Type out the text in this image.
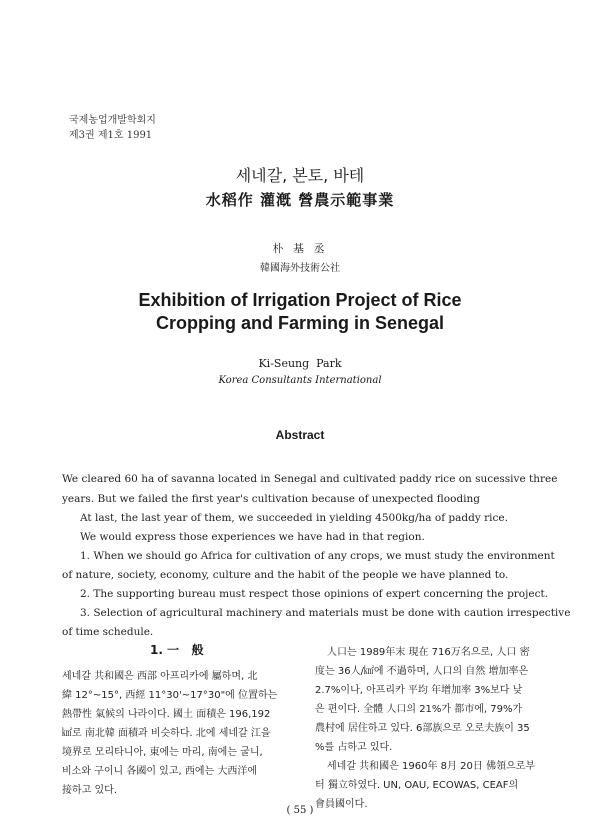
국제농업개발학회지
제3권 제1호 1991
세네갈, 본토, 바테
水稻作 灌漑 營農示範事業
朴 基 丞
韓國海外技術公社
Exhibition of Irrigation Project of Rice
Cropping and Farming in Senegal
Ki-Seung  Park
Korea Consultants International
Abstract
We cleared 60 ha of savanna located in Senegal and cultivated paddy rice on sucessive three
years. But we failed the first year's cultivation because of unexpected flooding
At last, the last year of them, we succeeded in yielding 4500kg/ha of paddy rice.
We would express those experiences we have had in that region.
1. When we should go Africa for cultivation of any crops, we must study the environment
of nature, society, economy, culture and the habit of the people we have planned to.
2. The supporting bureau must respect those opinions of expert concerning the project.
3. Selection of agricultural machinery and materials must be done with caution irrespective
of time schedule.
1. 一   般
세네갈 共和國은 西部 아프리카에 屬하며, 北
緯 12°~15°, 西經 11°30'~17°30"에 位置하는
熱帶性 氣候의 나라이다. 國土 面積은 196,192
㎢로 南北韓 面積과 비슷하다. 北에 세네갈 江을
境界로 모리타니아, 東에는 마리, 南에는 굴니,
비소와 구이니 各國이 있고, 西에는 大西洋에
接하고 있다.
人口는 1989年末 現在 716万名으로, 人口 密
度는 36人/㎢에 不過하며, 人口의 自然 增加率은
2.7%이나, 아프리카 平均 年增加率 3%보다 낮
은 편이다. 全體 人口의 21%가 都市에, 79%가
農村에 居住하고 있다. 6部族으로 오로夫族이 35
%를 占하고 있다.
세네갈 共和國은 1960年 8月 20日 佛領으로부
터 獨立하였다. UN, OAU, ECOWAS, CEAF의
會員國이다.
( 55 )
